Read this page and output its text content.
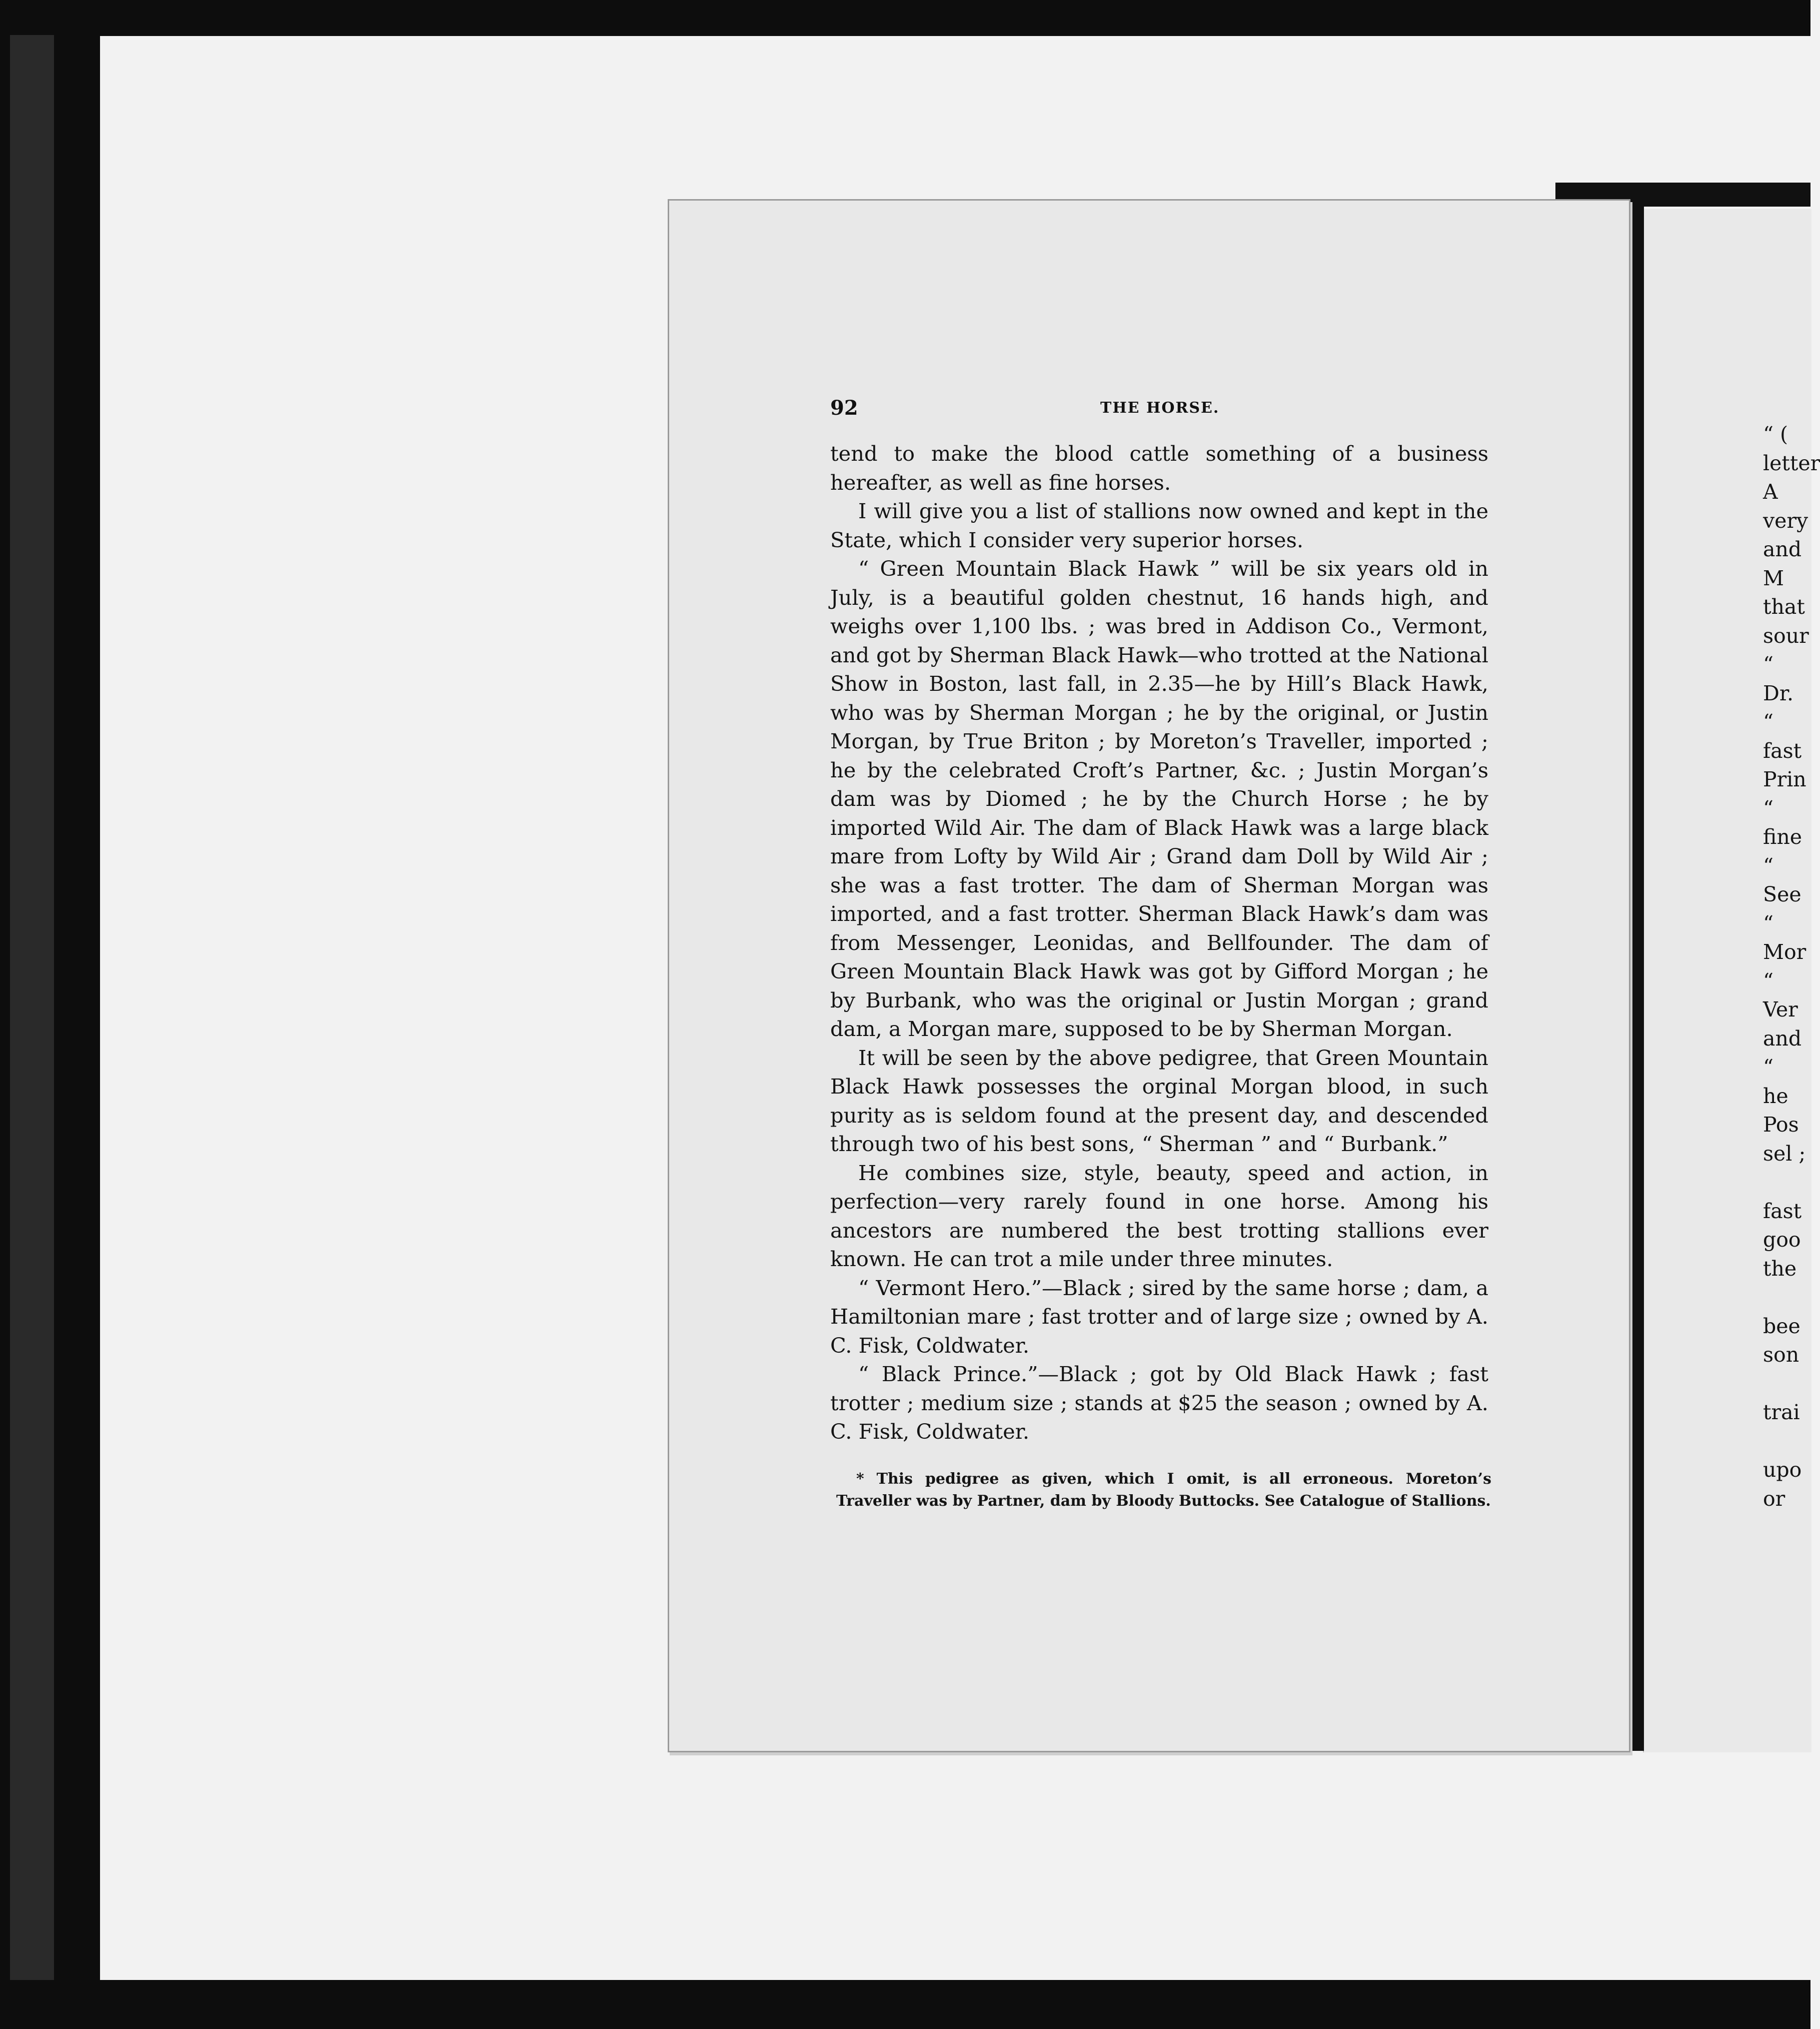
92	THE HORSE.

tend to make the blood cattle something of a business hereafter, as well as fine horses.

I will give you a list of stallions now owned and kept in the State, which I consider very superior horses.

“ Green Mountain Black Hawk ” will be six years old in July, is a beautiful golden chestnut, 16 hands high, and weighs over 1,100 lbs. ; was bred in Addison Co., Vermont, and got by Sherman Black Hawk—who trotted at the National Show in Boston, last fall, in 2.35—he by Hill’s Black Hawk, who was by Sherman Morgan ; he by the original, or Justin Morgan, by True Briton ; by Moreton’s Traveller, imported ; he by the celebrated Croft’s Partner, &c. ; Justin Morgan’s dam was by Diomed ; he by the Church Horse ; he by imported Wild Air. The dam of Black Hawk was a large black mare from Lofty by Wild Air ; Grand dam Doll by Wild Air ; she was a fast trotter. The dam of Sherman Morgan was imported, and a fast trotter. Sherman Black Hawk’s dam was from Messenger, Leonidas, and Bellfounder. The dam of Green Mountain Black Hawk was got by Gifford Morgan ; he by Burbank, who was the original or Justin Morgan ; grand dam, a Morgan mare, supposed to be by Sherman Morgan.

It will be seen by the above pedigree, that Green Mountain Black Hawk possesses the orginal Morgan blood, in such purity as is seldom found at the present day, and descended through two of his best sons, “ Sherman ” and “ Burbank.”

He combines size, style, beauty, speed and action, in perfection—very rarely found in one horse. Among his ancestors are numbered the best trotting stallions ever known. He can trot a mile under three minutes.

“ Vermont Hero.”—Black ; sired by the same horse ; dam, a Hamiltonian mare ; fast trotter and of large size ; owned by A. C. Fisk, Coldwater.

“ Black Prince.”—Black ; got by Old Black Hawk ; fast trotter ; medium size ; stands at $25 the season ; owned by A. C. Fisk, Coldwater.

* This pedigree as given, which I omit, is all erroneous. Moreton’s Traveller was by Partner, dam by Bloody Buttocks. See Catalogue of Stallions.

“ (
letter
A
very
and
M
that
sour
“
Dr.
“
fast
Prin
“
fine
“
See
“
Mor
“
Ver
and
“
he
Pos
sel ;
fast
goo
the
bee
son
trai
upo
or
